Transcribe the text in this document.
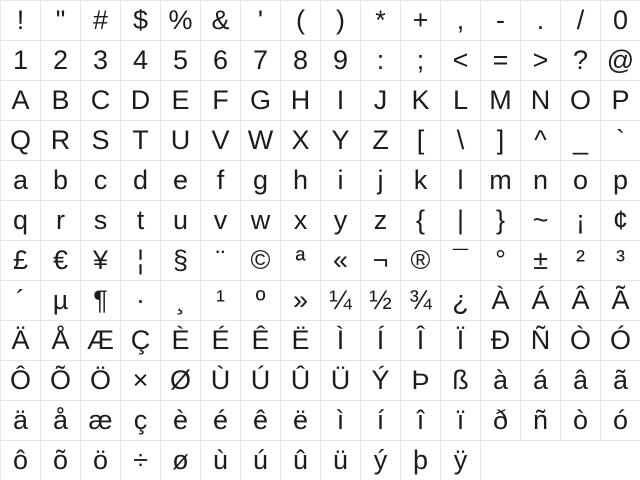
!	"	# $ % &	'	(	)	* +	,	-	.	/	0
1 2 3 4 5 6 7 8 9	:	;	< = > ? @
A B C D E F G H I	J K L M N O P
Q R S T U V W X Y Z	[	\	]	^ _	`
a b c d e	f	g h	i	j	k	l m n o p
q	r	s	t	u v w x y z	{	|	}	~	¡	¢
£ € ¥	¦	§	¨ © ª	« ¬ ® ¯	°	±	²	³
´	µ ¶	·	¸	¹	º	» ¼ ½ ¾ ¿ À Á Â Ã
Ä Å Æ Ç È É Ê Ë	Ì	Í	Î	Ï Ð Ñ Ò Ó
Ô Õ Ö × Ø Ù Ú Û Ü Ý Þ ß à á â ã
ä å æ ç è é ê ë	ì	í	î	ï	ð ñ ò ó
ô õ ö ÷ ø ù ú û ü ý þ ÿ
